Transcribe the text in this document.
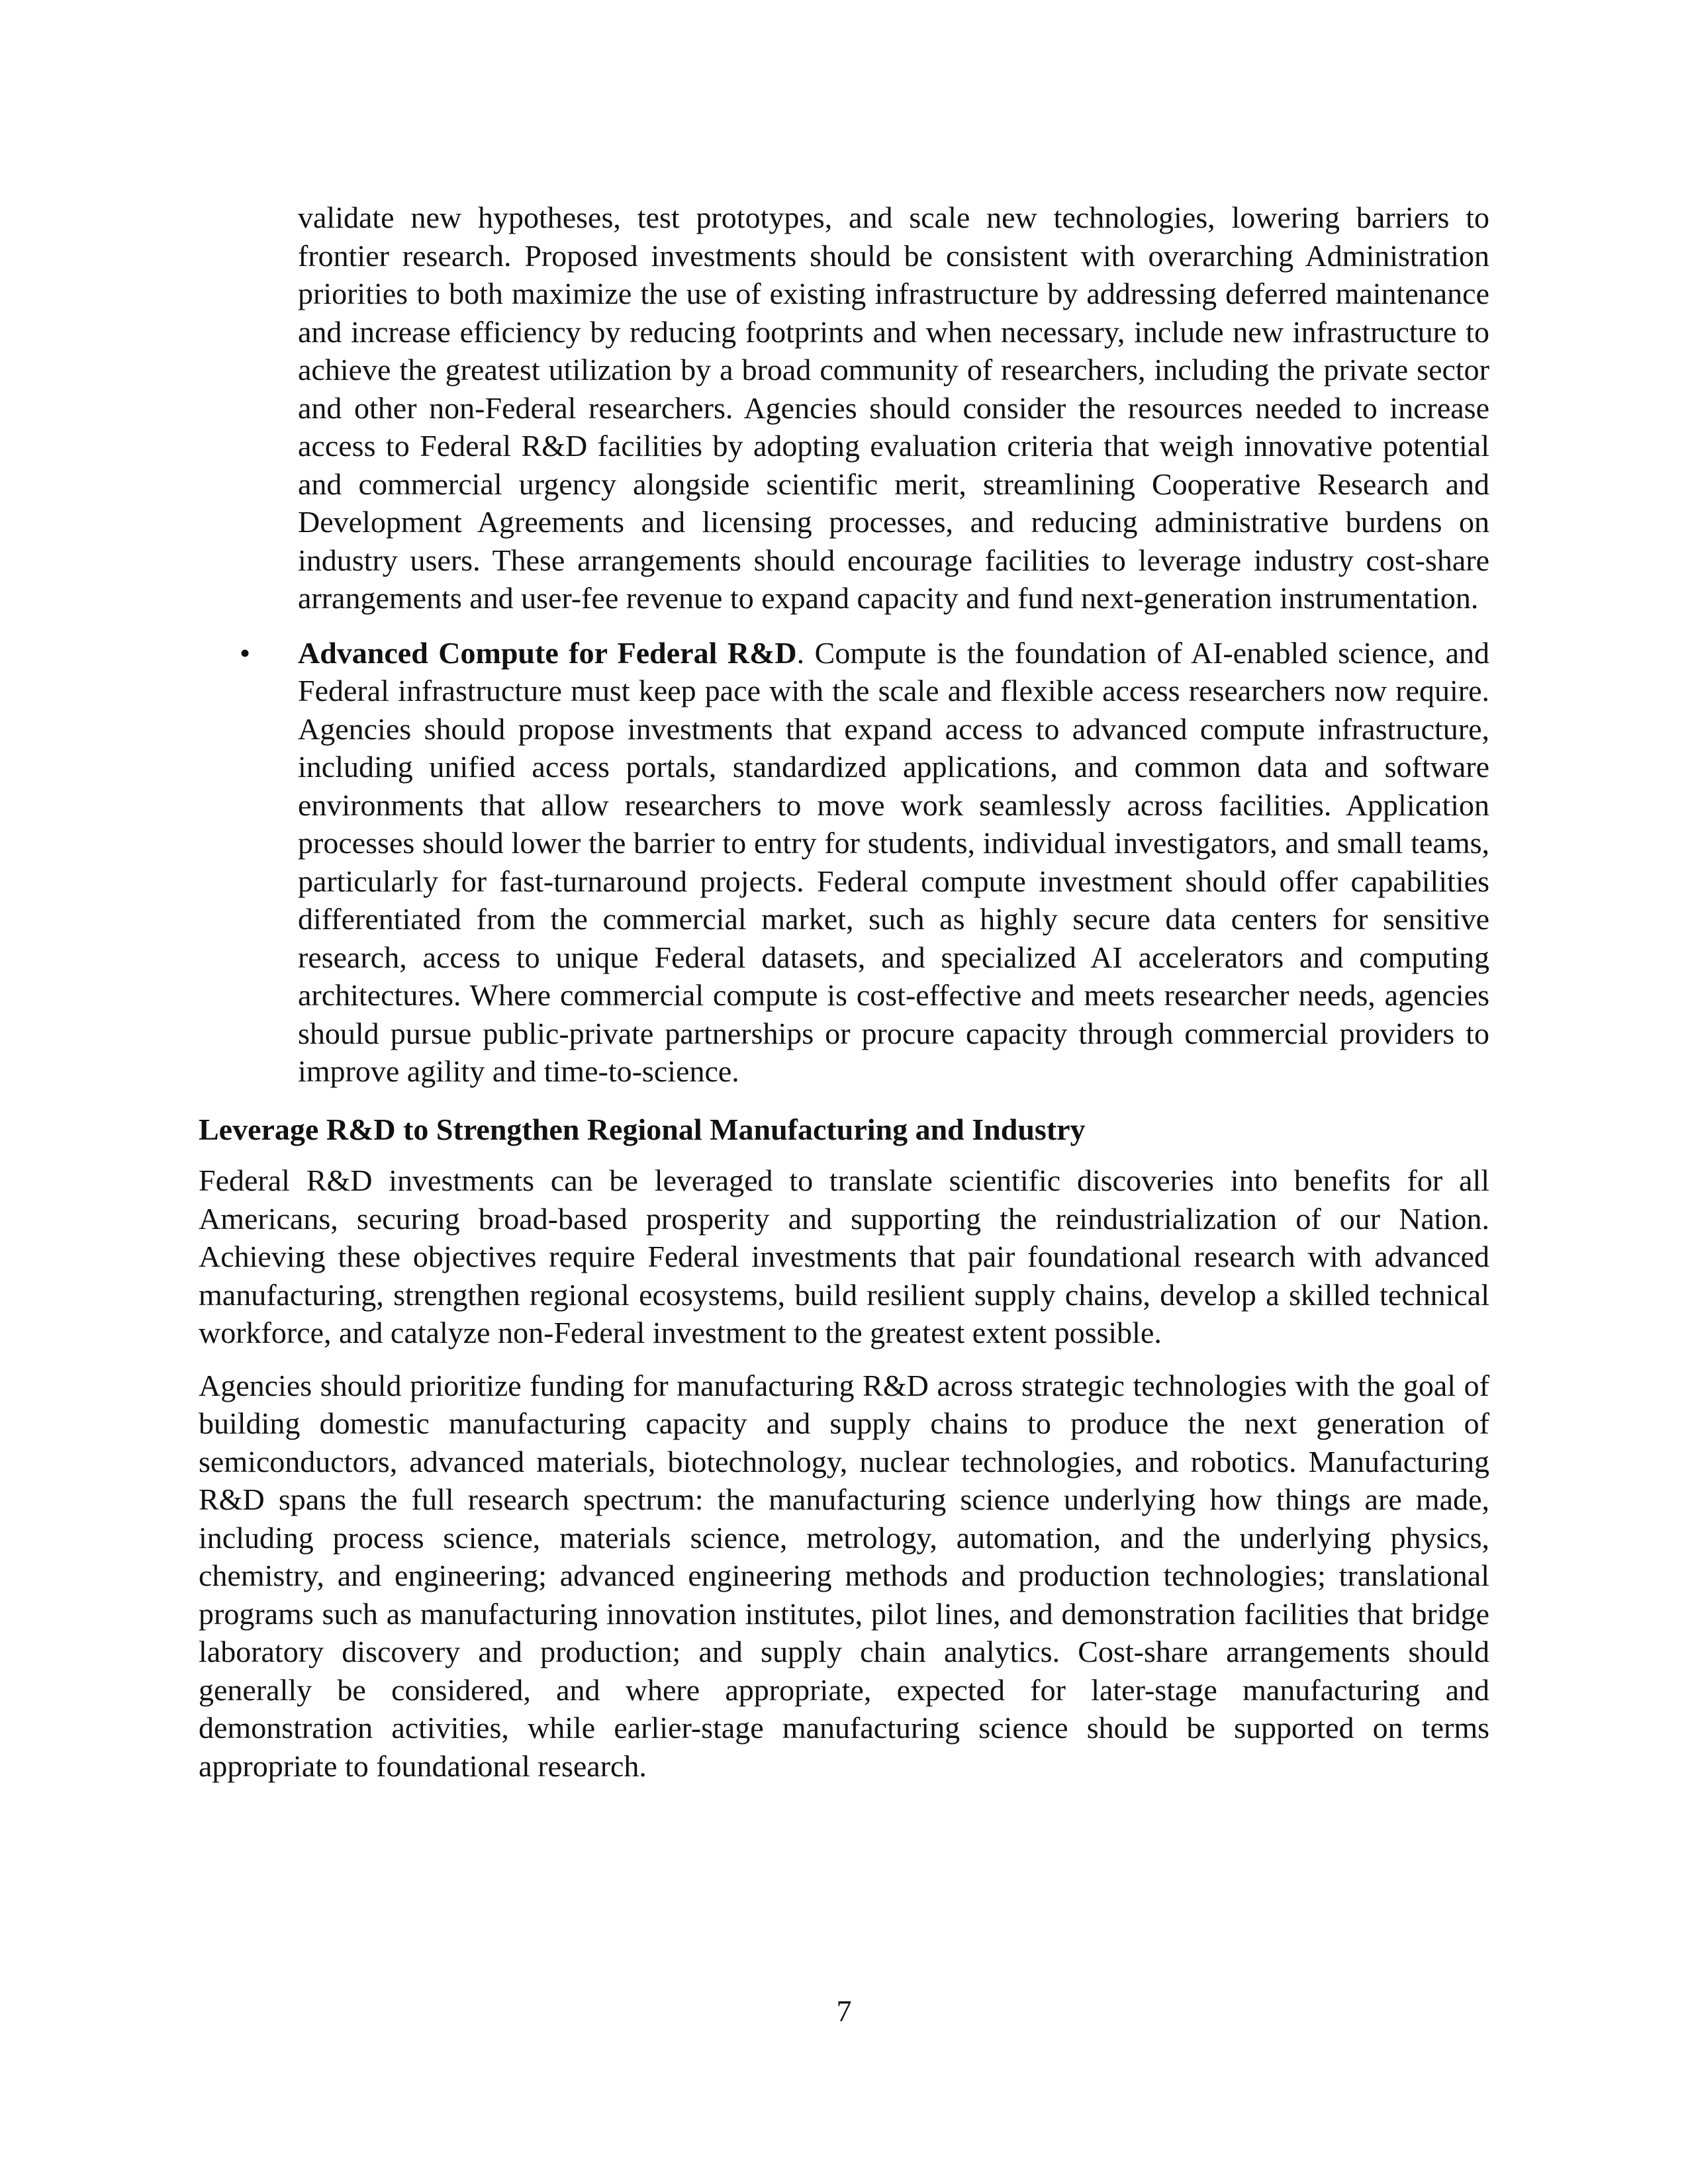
validate new hypotheses, test prototypes, and scale new technologies, lowering barriers to frontier research. Proposed investments should be consistent with overarching Administration priorities to both maximize the use of existing infrastructure by addressing deferred maintenance and increase efficiency by reducing footprints and when necessary, include new infrastructure to achieve the greatest utilization by a broad community of researchers, including the private sector and other non-Federal researchers. Agencies should consider the resources needed to increase access to Federal R&D facilities by adopting evaluation criteria that weigh innovative potential and commercial urgency alongside scientific merit, streamlining Cooperative Research and Development Agreements and licensing processes, and reducing administrative burdens on industry users. These arrangements should encourage facilities to leverage industry cost-share arrangements and user-fee revenue to expand capacity and fund next-generation instrumentation.

•	Advanced Compute for Federal R&D. Compute is the foundation of AI-enabled science, and Federal infrastructure must keep pace with the scale and flexible access researchers now require. Agencies should propose investments that expand access to advanced compute infrastructure, including unified access portals, standardized applications, and common data and software environments that allow researchers to move work seamlessly across facilities. Application processes should lower the barrier to entry for students, individual investigators, and small teams, particularly for fast-turnaround projects. Federal compute investment should offer capabilities differentiated from the commercial market, such as highly secure data centers for sensitive research, access to unique Federal datasets, and specialized AI accelerators and computing architectures. Where commercial compute is cost-effective and meets researcher needs, agencies should pursue public-private partnerships or procure capacity through commercial providers to improve agility and time-to-science.

Leverage R&D to Strengthen Regional Manufacturing and Industry

Federal R&D investments can be leveraged to translate scientific discoveries into benefits for all Americans, securing broad-based prosperity and supporting the reindustrialization of our Nation. Achieving these objectives require Federal investments that pair foundational research with advanced manufacturing, strengthen regional ecosystems, build resilient supply chains, develop a skilled technical workforce, and catalyze non-Federal investment to the greatest extent possible.

Agencies should prioritize funding for manufacturing R&D across strategic technologies with the goal of building domestic manufacturing capacity and supply chains to produce the next generation of semiconductors, advanced materials, biotechnology, nuclear technologies, and robotics. Manufacturing R&D spans the full research spectrum: the manufacturing science underlying how things are made, including process science, materials science, metrology, automation, and the underlying physics, chemistry, and engineering; advanced engineering methods and production technologies; translational programs such as manufacturing innovation institutes, pilot lines, and demonstration facilities that bridge laboratory discovery and production; and supply chain analytics. Cost-share arrangements should generally be considered, and where appropriate, expected for later-stage manufacturing and demonstration activities, while earlier-stage manufacturing science should be supported on terms appropriate to foundational research.

7
